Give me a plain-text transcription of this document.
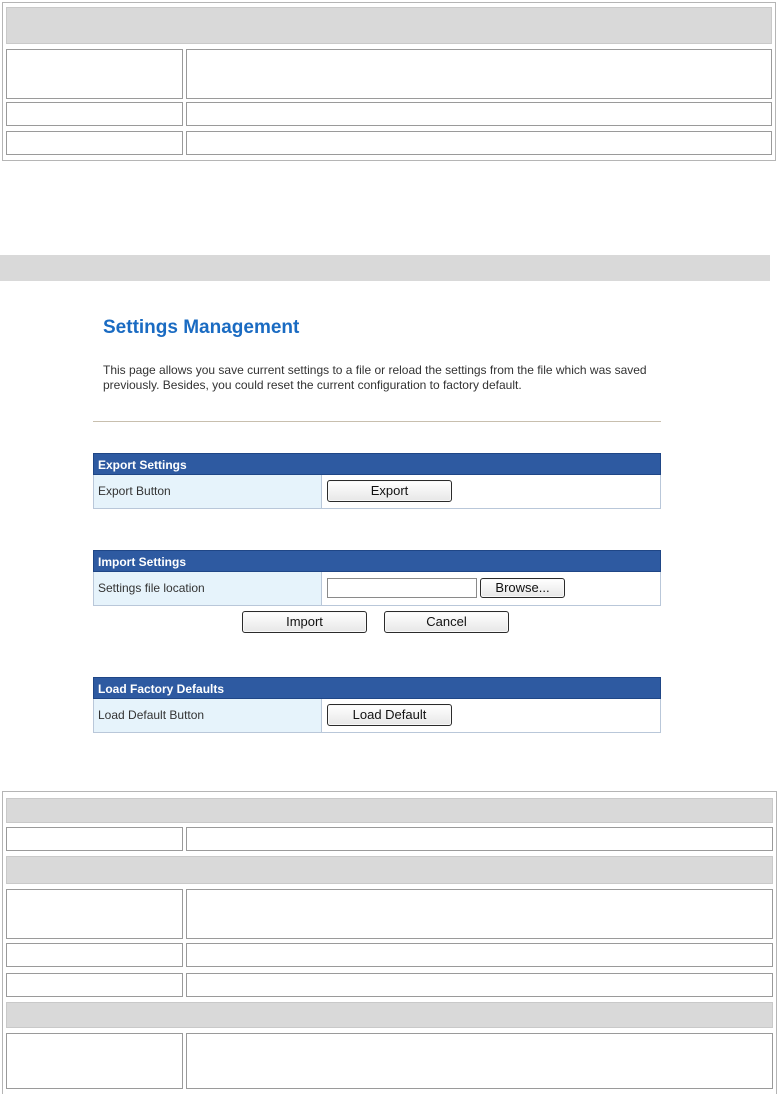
Settings Management

This page allows you save current settings to a file or reload the settings from the file which was saved previously. Besides, you could reset the current configuration to factory default.

Export Settings
Export Button	Export
Import Settings
Settings file location	Browse...
Import	Cancel
Load Factory Defaults
Load Default Button	Load Default
